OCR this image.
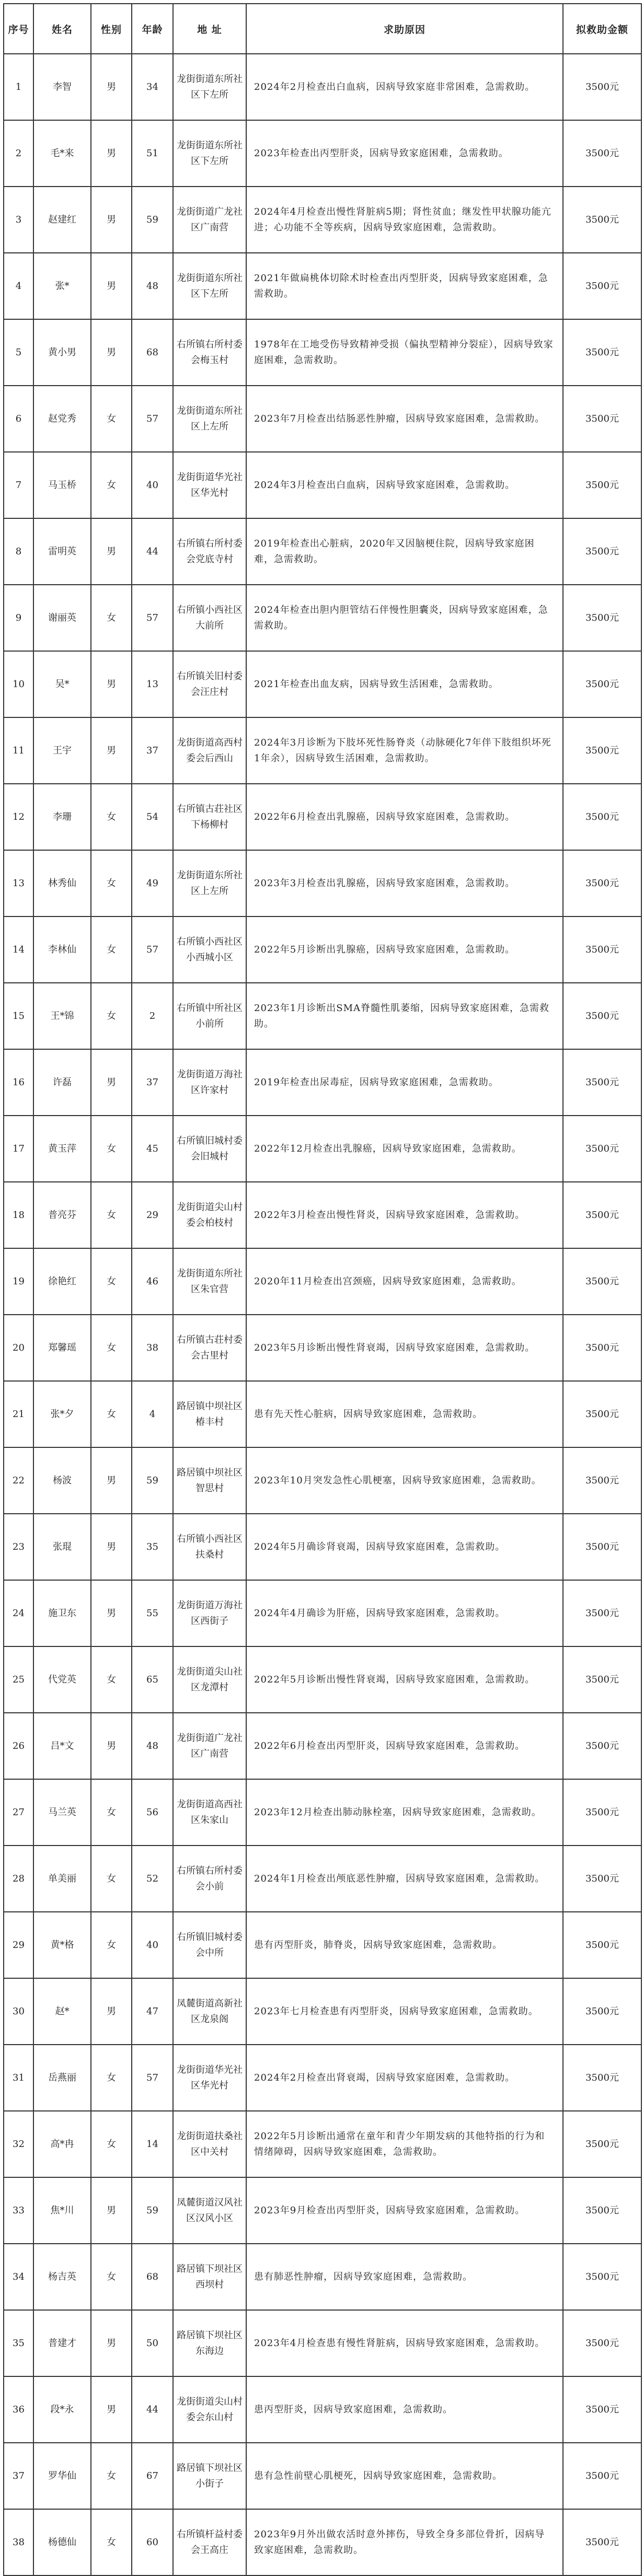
序号	姓名	性别	年龄	地 址	求助原因	拟救助金额
1	李智	男	34	龙街街道东所社区下左所	2024年2月检查出白血病，因病导致家庭非常困难，急需救助。	3500元
2	毛*来	男	51	龙街街道东所社区下左所	2023年检查出丙型肝炎，因病导致家庭困难，急需救助。	3500元
3	赵建红	男	59	龙街街道广龙社区广南营	2024年4月检查出慢性肾脏病5期；肾性贫血；继发性甲状腺功能亢进；心功能不全等疾病，因病导致家庭困难，急需救助。	3500元
4	张*	男	48	龙街街道东所社区下左所	2021年做扁桃体切除术时检查出丙型肝炎，因病导致家庭困难，急需救助。	3500元
5	黄小男	男	68	右所镇右所村委会梅玉村	1978年在工地受伤导致精神受损（偏执型精神分裂症），因病导致家庭困难，急需救助。	3500元
6	赵党秀	女	57	龙街街道东所社区上左所	2023年7月检查出结肠恶性肿瘤，因病导致家庭困难，急需救助。	3500元
7	马玉桥	女	40	龙街街道华光社区华光村	2024年3月检查出白血病，因病导致家庭困难，急需救助。	3500元
8	雷明英	男	44	右所镇右所村委会党底寺村	2019年检查出心脏病，2020年又因脑梗住院，因病导致家庭困难，急需救助。	3500元
9	谢丽英	女	57	右所镇小西社区大前所	2024年检查出胆内胆管结石伴慢性胆囊炎，因病导致家庭困难，急需救助。	3500元
10	吴*	男	13	右所镇关旧村委会汪庄村	2021年检查出血友病，因病导致生活困难，急需救助。	3500元
11	王宇	男	37	龙街街道高西村委会后西山	2024年3月诊断为下肢坏死性肠脊炎（动脉硬化7年伴下肢组织坏死1年余），因病导致生活困难，急需救助。	3500元
12	李珊	女	54	右所镇古荘社区下杨柳村	2022年6月检查出乳腺癌，因病导致家庭困难，急需救助。	3500元
13	林秀仙	女	49	龙街街道东所社区上左所	2023年3月检查出乳腺癌，因病导致家庭困难，急需救助。	3500元
14	李林仙	女	57	右所镇小西社区小西城小区	2022年5月诊断出乳腺癌，因病导致家庭困难，急需救助。	3500元
15	王*锦	女	2	右所镇中所社区小前所	2023年1月诊断出SMA脊髓性肌萎缩，因病导致家庭困难，急需救助。	3500元
16	许磊	男	37	龙街街道万海社区许家村	2019年检查出尿毒症，因病导致家庭困难，急需救助。	3500元
17	黄玉萍	女	45	右所镇旧城村委会旧城村	2022年12月检查出乳腺癌，因病导致家庭困难，急需救助。	3500元
18	普亮芬	女	29	龙街街道尖山村委会柏枝村	2022年3月检查出慢性肾炎，因病导致家庭困难，急需救助。	3500元
19	徐艳红	女	46	龙街街道东所社区朱官营	2020年11月检查出宫颈癌，因病导致家庭困难，急需救助。	3500元
20	郑馨瑶	女	38	右所镇古荘村委会古里村	2023年5月诊断出慢性肾衰竭，因病导致家庭困难，急需救助。	3500元
21	张*夕	女	4	路居镇中坝社区椿丰村	患有先天性心脏病，因病导致家庭困难，急需救助。	3500元
22	杨波	男	59	路居镇中坝社区智思村	2023年10月突发急性心肌梗塞，因病导致家庭困难，急需救助。	3500元
23	张琨	男	35	右所镇小西社区扶桑村	2024年5月确诊肾衰竭，因病导致家庭困难，急需救助。	3500元
24	施卫东	男	55	龙街街道万海社区西街子	2024年4月确诊为肝癌，因病导致家庭困难，急需救助。	3500元
25	代党英	女	65	龙街街道尖山社区龙潭村	2022年5月诊断出慢性肾衰竭，因病导致家庭困难，急需救助。	3500元
26	吕*文	男	48	龙街街道广龙社区广南营	2022年6月检查出丙型肝炎，因病导致家庭困难，急需救助。	3500元
27	马兰英	女	56	龙街街道高西社区朱家山	2023年12月检查出肺动脉栓塞，因病导致家庭困难，急需救助。	3500元
28	单美丽	女	52	右所镇右所村委会小前	2024年1月检查出颅底恶性肿瘤，因病导致家庭困难，急需救助。	3500元
29	黄*格	女	40	右所镇旧城村委会中所	患有丙型肝炎，肺脊炎，因病导致家庭困难，急需救助。	3500元
30	赵*	男	47	凤麓街道高新社区龙泉阁	2023年七月检查患有丙型肝炎，因病导致家庭困难，急需救助。	3500元
31	岳燕丽	女	57	龙街街道华光社区华光村	2024年2月检查出肾衰竭，因病导致家庭困难，急需救助。	3500元
32	高*冉	女	14	龙街街道扶桑社区中关村	2022年5月诊断出通常在童年和青少年期发病的其他特指的行为和情绪障碍，因病导致家庭困难，急需救助。	3500元
33	焦*川	男	59	凤麓街道汉风社区汉风小区	2023年9月检查出丙型肝炎，因病导致家庭困难，急需救助。	3500元
34	杨吉英	女	68	路居镇下坝社区西坝村	患有肺恶性肿瘤，因病导致家庭困难，急需救助。	3500元
35	普建才	男	50	路居镇下坝社区东海边	2023年4月检查患有慢性肾脏病，因病导致家庭困难，急需救助。	3500元
36	段*永	男	44	龙街街道尖山村委会东山村	患丙型肝炎，因病导致家庭困难，急需救助。	3500元
37	罗华仙	女	67	路居镇下坝社区小街子	患有急性前壁心肌梗死，因病导致家庭困难，急需救助。	3500元
38	杨德仙	女	60	右所镇杆益村委会王高庄	2023年9月外出做农活时意外摔伤，导致全身多部位骨折，因病导致家庭困难，急需救助。	3500元
